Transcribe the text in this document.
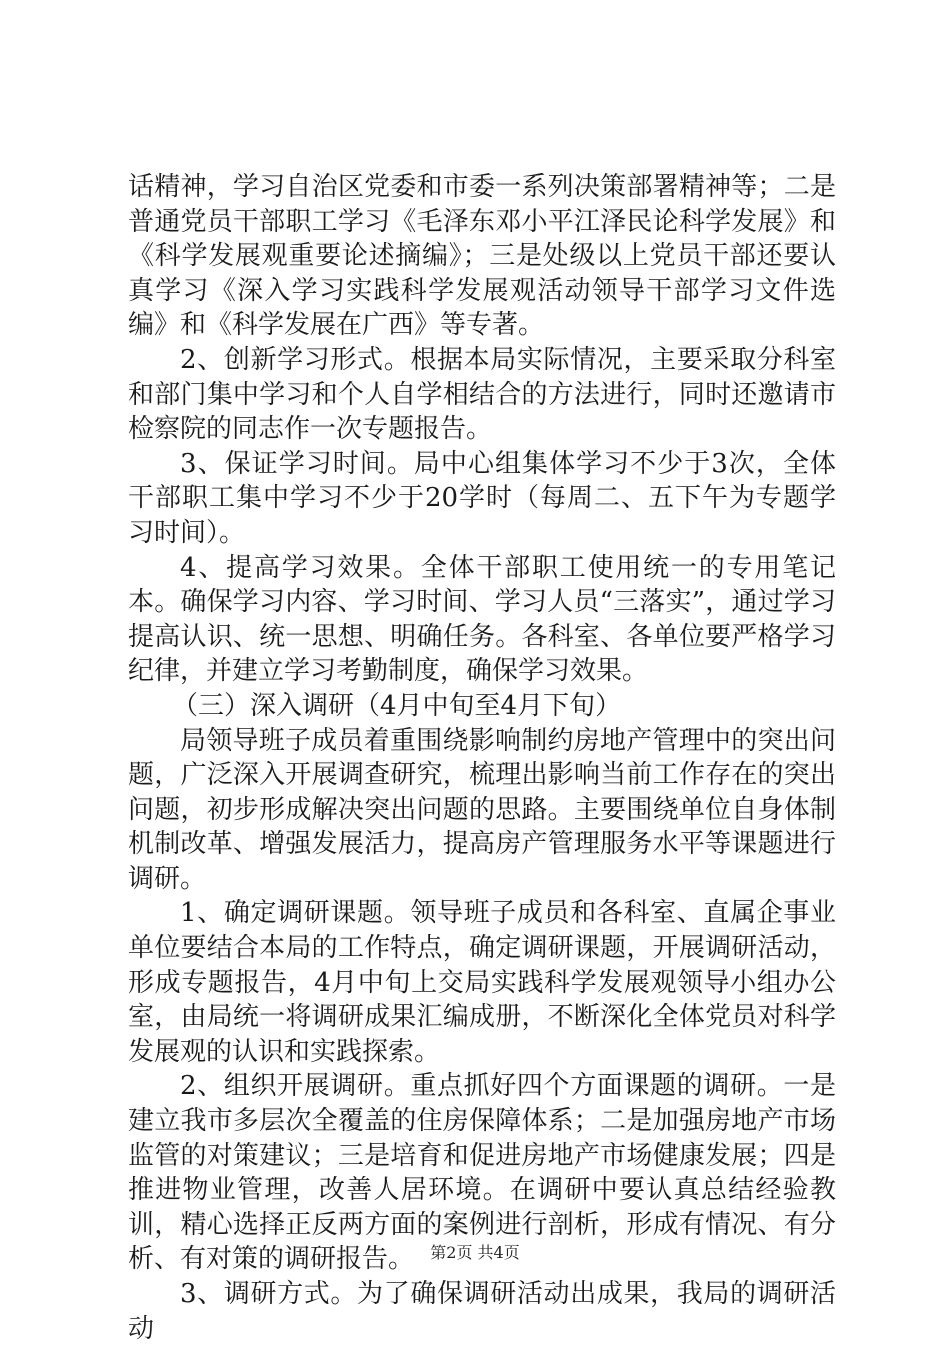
话精神，学习自治区党委和市委一系列决策部署精神等；二是普通党员干部职工学习《毛泽东邓小平江泽民论科学发展》和《科学发展观重要论述摘编》；三是处级以上党员干部还要认真学习《深入学习实践科学发展观活动领导干部学习文件选编》和《科学发展在广西》等专著。

2、创新学习形式。根据本局实际情况，主要采取分科室和部门集中学习和个人自学相结合的方法进行，同时还邀请市检察院的同志作一次专题报告。

3、保证学习时间。局中心组集体学习不少于3次，全体干部职工集中学习不少于20学时（每周二、五下午为专题学习时间）。

4、提高学习效果。全体干部职工使用统一的专用笔记本。确保学习内容、学习时间、学习人员“三落实”，通过学习提高认识、统一思想、明确任务。各科室、各单位要严格学习纪律，并建立学习考勤制度，确保学习效果。

（三）深入调研（4月中旬至4月下旬）

局领导班子成员着重围绕影响制约房地产管理中的突出问题，广泛深入开展调查研究，梳理出影响当前工作存在的突出问题，初步形成解决突出问题的思路。主要围绕单位自身体制机制改革、增强发展活力，提高房产管理服务水平等课题进行调研。

1、确定调研课题。领导班子成员和各科室、直属企事业单位要结合本局的工作特点，确定调研课题，开展调研活动，形成专题报告，4月中旬上交局实践科学发展观领导小组办公室，由局统一将调研成果汇编成册，不断深化全体党员对科学发展观的认识和实践探索。

2、组织开展调研。重点抓好四个方面课题的调研。一是建立我市多层次全覆盖的住房保障体系；二是加强房地产市场监管的对策建议；三是培育和促进房地产市场健康发展；四是推进物业管理，改善人居环境。在调研中要认真总结经验教训，精心选择正反两方面的案例进行剖析，形成有情况、有分析、有对策的调研报告。

3、调研方式。为了确保调研活动出成果，我局的调研活动

第2页 共4页
